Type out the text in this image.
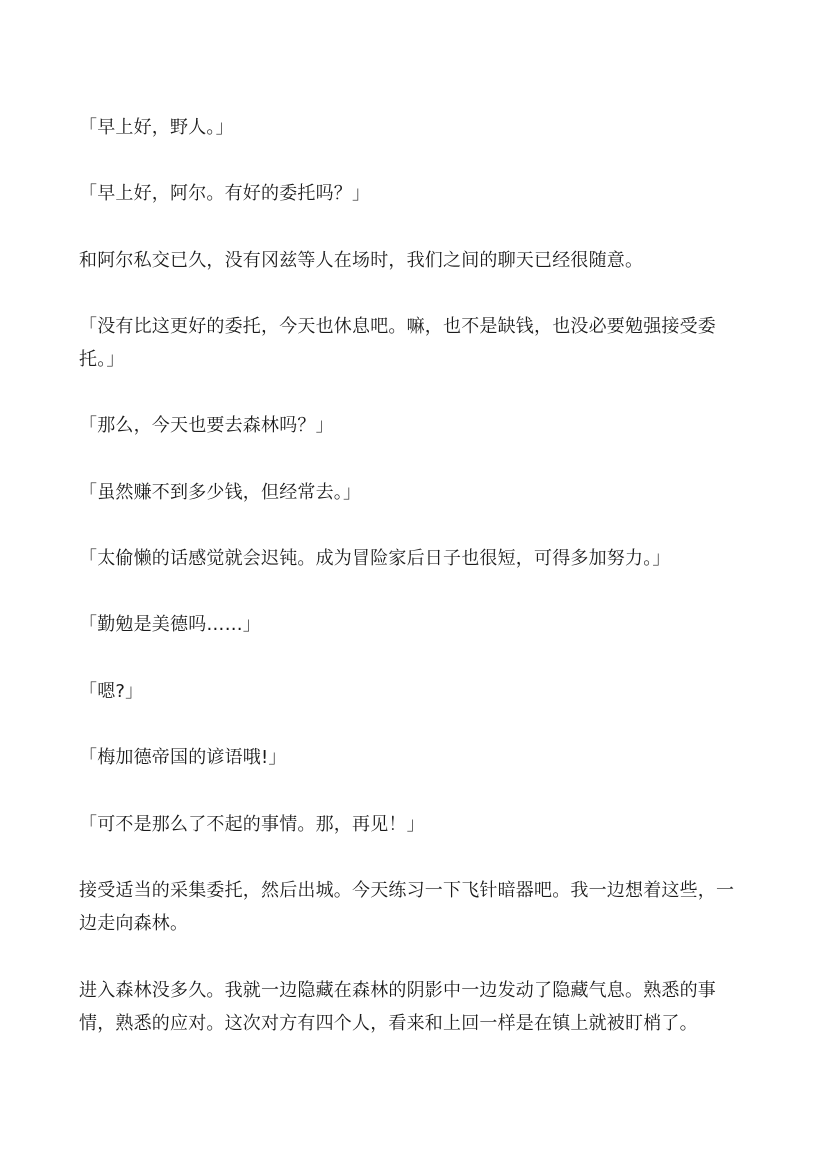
「早上好，野人。」

「早上好，阿尔。有好的委托吗？」

和阿尔私交已久，没有冈兹等人在场时，我们之间的聊天已经很随意。

「没有比这更好的委托，今天也休息吧。嘛，也不是缺钱，也没必要勉强接受委托。」

「那么，今天也要去森林吗？」

「虽然赚不到多少钱，但经常去。」

「太偷懒的话感觉就会迟钝。成为冒险家后日子也很短，可得多加努力。」

「勤勉是美德吗……」

「嗯?」

「梅加德帝国的谚语哦!」

「可不是那么了不起的事情。那，再见！」

接受适当的采集委托，然后出城。今天练习一下飞针暗器吧。我一边想着这些，一边走向森林。

进入森林没多久。我就一边隐藏在森林的阴影中一边发动了隐藏气息。熟悉的事情，熟悉的应对。这次对方有四个人，看来和上回一样是在镇上就被盯梢了。
